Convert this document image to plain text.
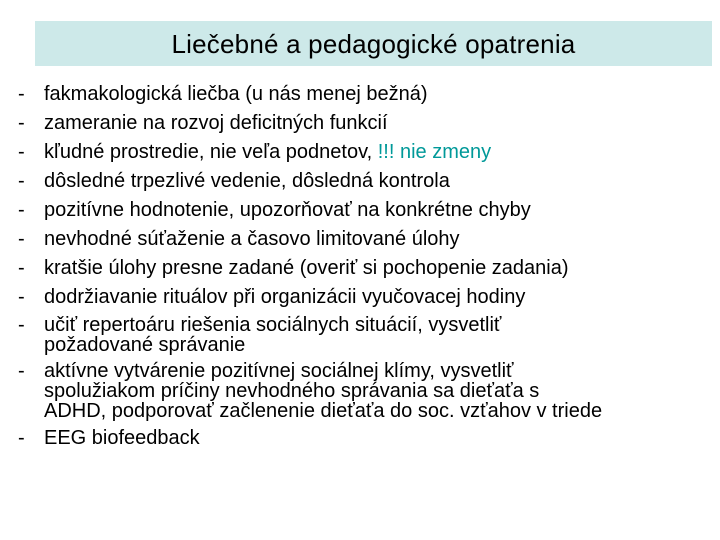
Liečebné a pedagogické opatrenia
- fakmakologická liečba (u nás menej bežná)
- zameranie na rozvoj deficitných funkcií
- kľudné prostredie, nie veľa podnetov, !!! nie zmeny
- dôsledné trpezlivé vedenie, dôsledná kontrola
- pozitívne hodnotenie, upozorňovať na konkrétne chyby
- nevhodné súťaženie a časovo limitované úlohy
- kratšie úlohy presne zadané (overiť si pochopenie zadania)
- dodržiavanie rituálov při organizácii vyučovacej hodiny
- učiť repertoáru riešenia sociálnych situácií, vysvetliť
požadované správanie
- aktívne vytvárenie pozitívnej sociálnej klímy, vysvetliť
spolužiakom príčiny nevhodného správania sa dieťaťa s
ADHD, podporovať začlenenie dieťaťa do soc. vzťahov v triede
- EEG biofeedback
